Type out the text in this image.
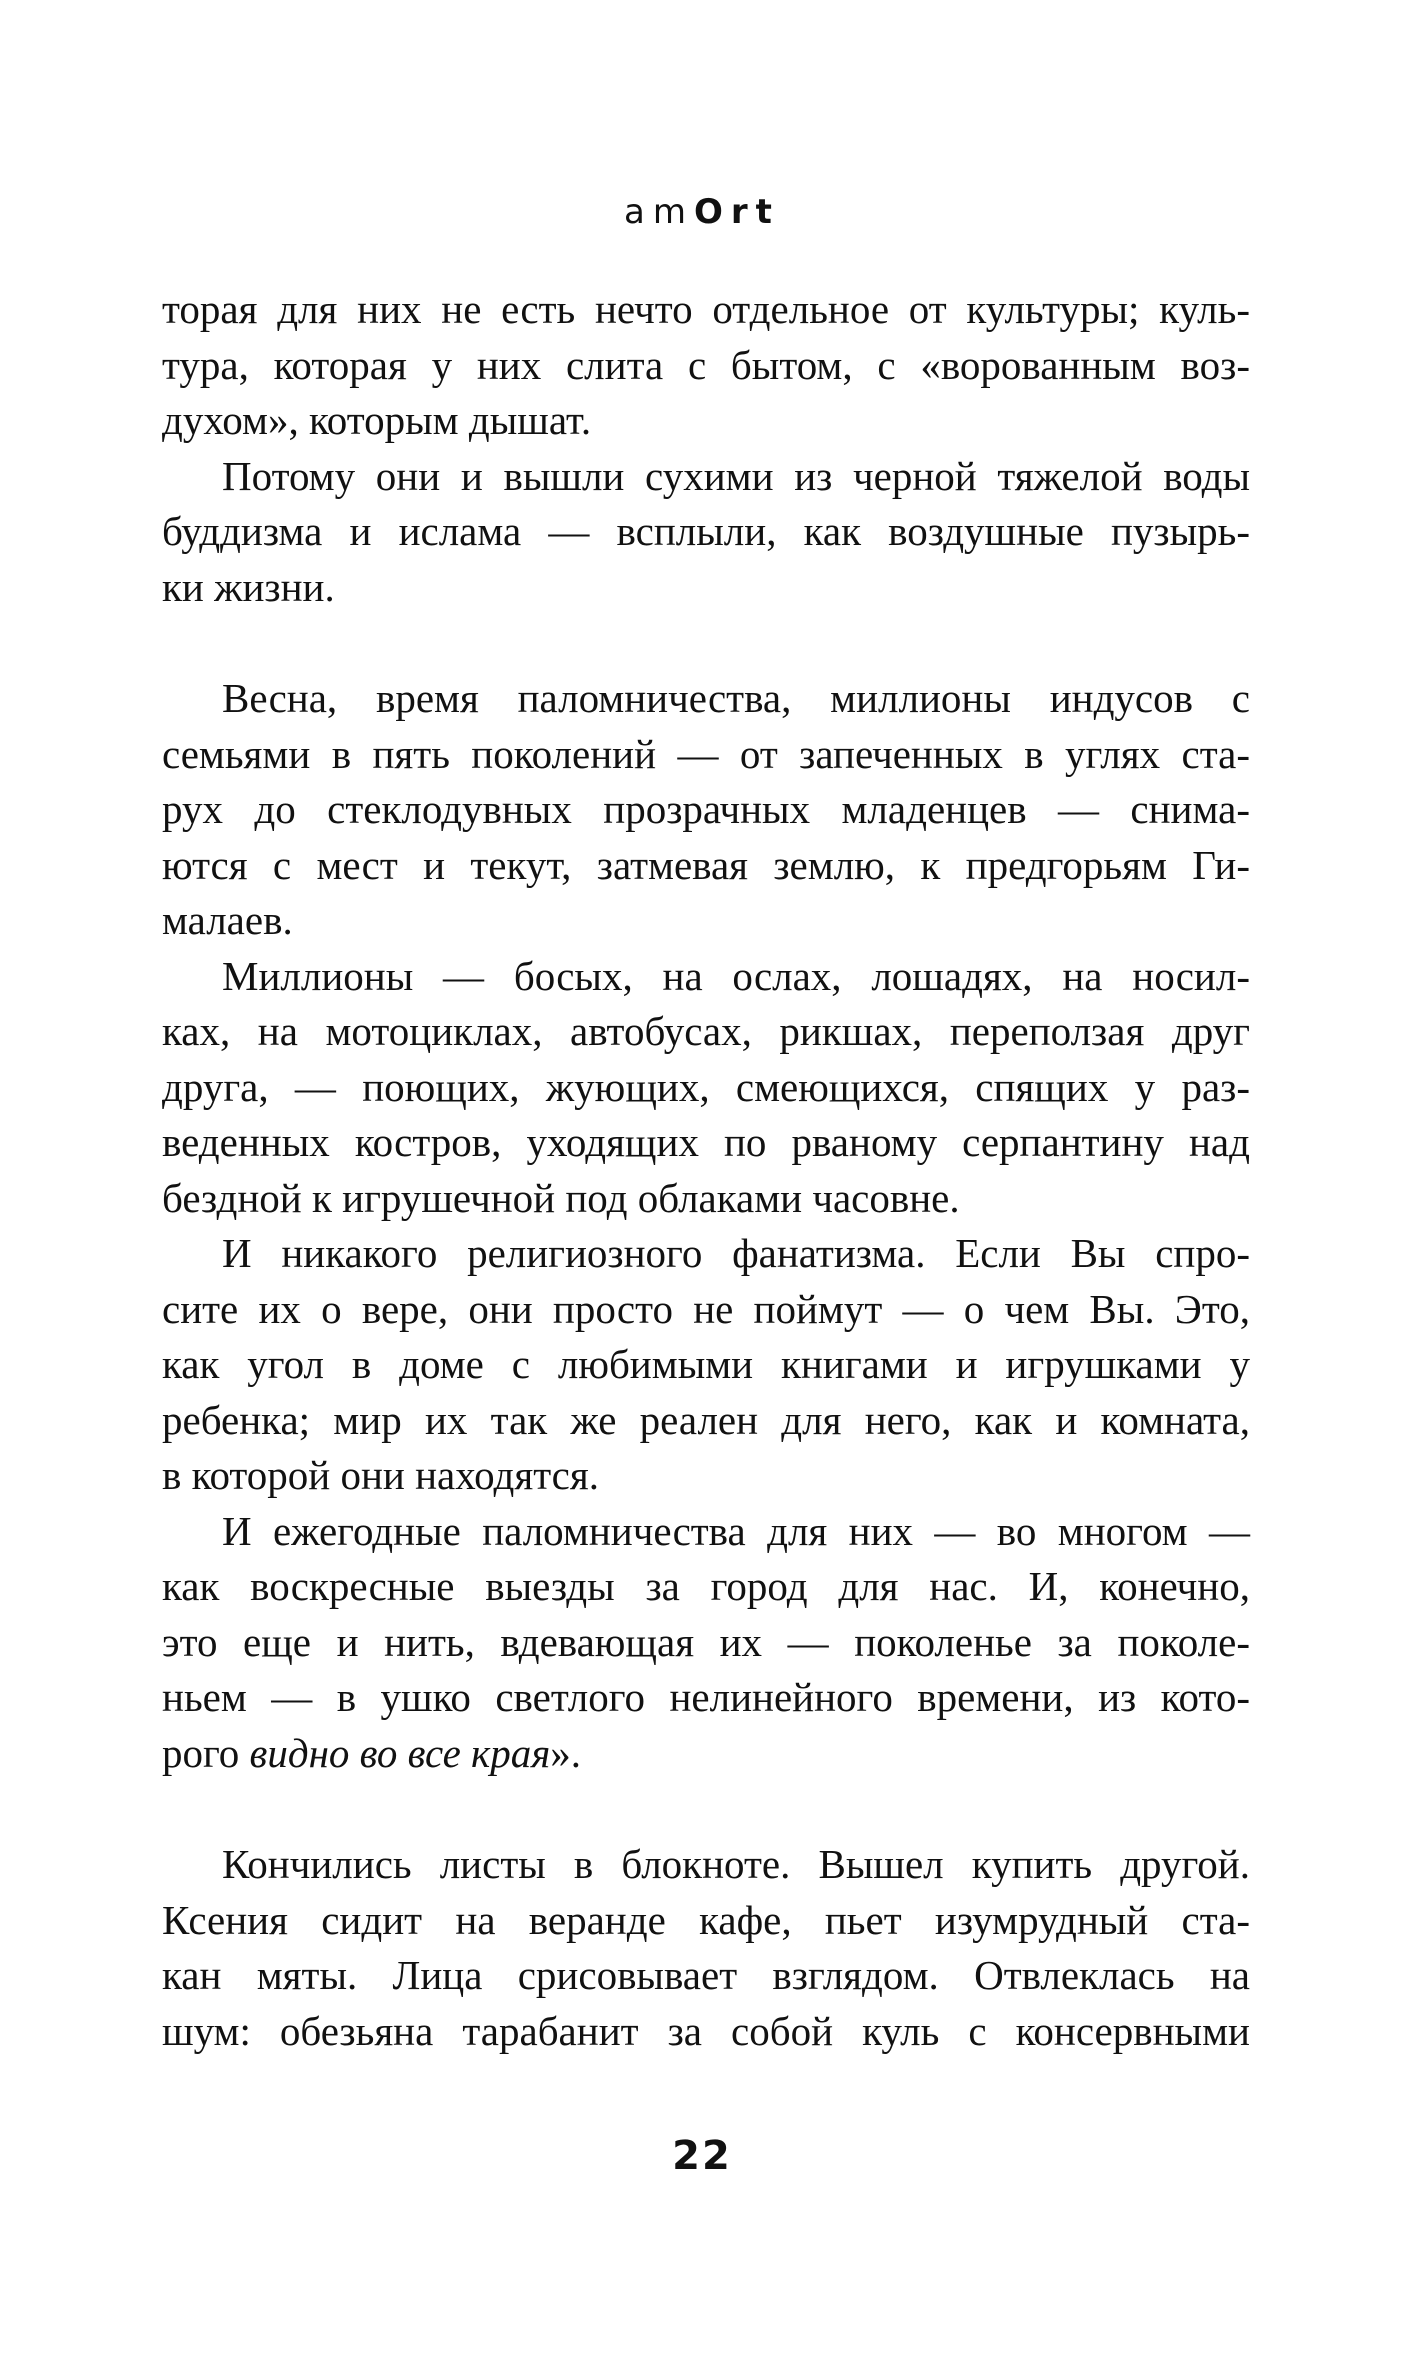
amOrt

торая для них не есть нечто отдельное от культуры; куль-
тура, которая у них слита с бытом, с «ворованным воз-
духом», которым дышат.

Потому они и вышли сухими из черной тяжелой воды
буддизма и ислама — всплыли, как воздушные пузырь-
ки жизни.

Весна, время паломничества, миллионы индусов с
семьями в пять поколений — от запеченных в углях ста-
рух до стеклодувных прозрачных младенцев — снима-
ются с мест и текут, затмевая землю, к предгорьям Ги-
малаев.

Миллионы — босых, на ослах, лошадях, на носил-
ках, на мотоциклах, автобусах, рикшах, переползая друг
друга, — поющих, жующих, смеющихся, спящих у раз-
веденных костров, уходящих по рваному серпантину над
бездной к игрушечной под облаками часовне.

И никакого религиозного фанатизма. Если Вы спро-
сите их о вере, они просто не поймут — о чем Вы. Это,
как угол в доме с любимыми книгами и игрушками у
ребенка; мир их так же реален для него, как и комната,
в которой они находятся.

И ежегодные паломничества для них — во многом —
как воскресные выезды за город для нас. И, конечно,
это еще и нить, вдевающая их — поколенье за поколе-
ньем — в ушко светлого нелинейного времени, из кото-
рого видно во все края».

Кончились листы в блокноте. Вышел купить другой.
Ксения сидит на веранде кафе, пьет изумрудный ста-
кан мяты. Лица срисовывает взглядом. Отвлеклась на
шум: обезьяна тарабанит за собой куль с консервными

22
